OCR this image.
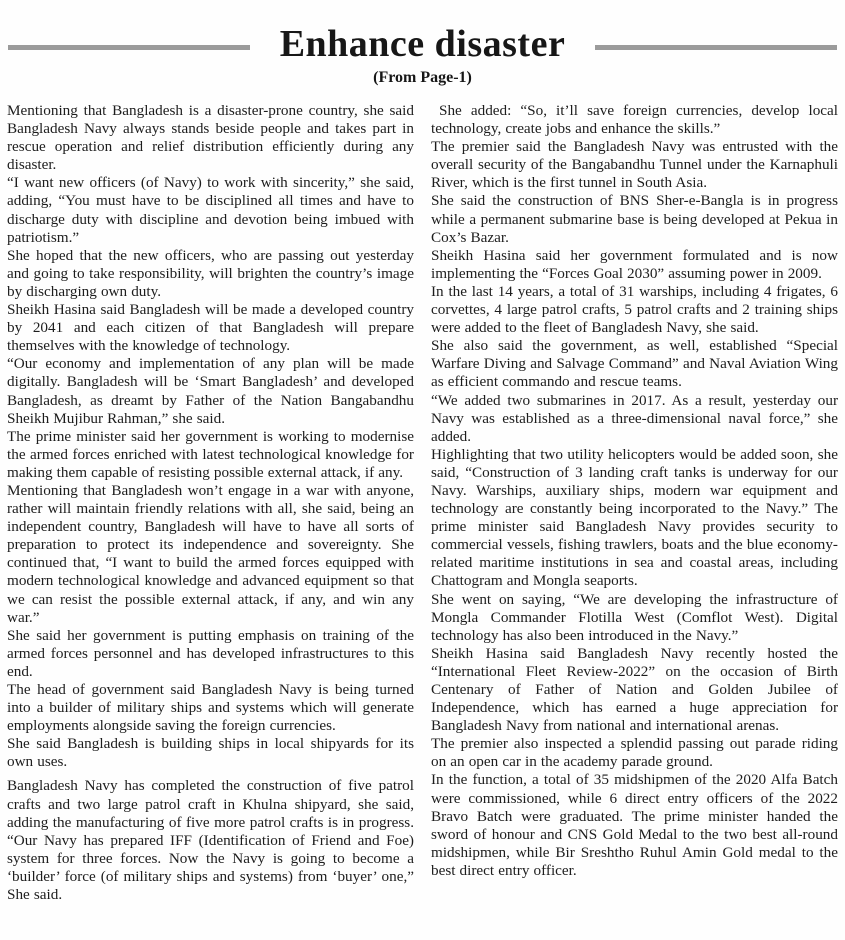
Enhance disaster
(From Page-1)

Mentioning that Bangladesh is a disaster-prone country, she said Bangladesh Navy always stands beside people and takes part in rescue operation and relief distribution efficiently during any disaster.

“I want new officers (of Navy) to work with sincerity,” she said, adding, “You must have to be disciplined all times and have to discharge duty with discipline and devotion being imbued with patriotism.”

She hoped that the new officers, who are passing out yesterday and going to take responsibility, will brighten the country’s image by discharging own duty.

Sheikh Hasina said Bangladesh will be made a developed country by 2041 and each citizen of that Bangladesh will prepare themselves with the knowledge of technology.

“Our economy and implementation of any plan will be made digitally. Bangladesh will be ‘Smart Bangladesh’ and developed Bangladesh, as dreamt by Father of the Nation Bangabandhu Sheikh Mujibur Rahman,” she said.

The prime minister said her government is working to modernise the armed forces enriched with latest technological knowledge for making them capable of resisting possible external attack, if any.

Mentioning that Bangladesh won’t engage in a war with anyone, rather will maintain friendly relations with all, she said, being an independent country, Bangladesh will have to have all sorts of preparation to protect its independence and sovereignty. She continued that, “I want to build the armed forces equipped with modern technological knowledge and advanced equipment so that we can resist the possible external attack, if any, and win any war.”

She said her government is putting emphasis on training of the armed forces personnel and has developed infrastructures to this end.

The head of government said Bangladesh Navy is being turned into a builder of military ships and systems which will generate employments alongside saving the foreign currencies.

She said Bangladesh is building ships in local shipyards for its own uses.

Bangladesh Navy has completed the construction of five patrol crafts and two large patrol craft in Khulna shipyard, she said, adding the manufacturing of five more patrol crafts is in progress. “Our Navy has prepared IFF (Identification of Friend and Foe) system for three forces. Now the Navy is going to become a ‘builder’ force (of military ships and systems) from ‘buyer’ one,” She said.

She added: “So, it’ll save foreign currencies, develop local technology, create jobs and enhance the skills.”

The premier said the Bangladesh Navy was entrusted with the overall security of the Bangabandhu Tunnel under the Karnaphuli River, which is the first tunnel in South Asia.

She said the construction of BNS Sher-e-Bangla is in progress while a permanent submarine base is being developed at Pekua in Cox’s Bazar.

Sheikh Hasina said her government formulated and is now implementing the “Forces Goal 2030” assuming power in 2009.

In the last 14 years, a total of 31 warships, including 4 frigates, 6 corvettes, 4 large patrol crafts, 5 patrol crafts and 2 training ships were added to the fleet of Bangladesh Navy, she said.

She also said the government, as well, established “Special Warfare Diving and Salvage Command” and Naval Aviation Wing as efficient commando and rescue teams.

“We added two submarines in 2017. As a result, yesterday our Navy was established as a three-dimensional naval force,” she added.

Highlighting that two utility helicopters would be added soon, she said, “Construction of 3 landing craft tanks is underway for our Navy. Warships, auxiliary ships, modern war equipment and technology are constantly being incorporated to the Navy.” The prime minister said Bangladesh Navy provides security to commercial vessels, fishing trawlers, boats and the blue economy-related maritime institutions in sea and coastal areas, including Chattogram and Mongla seaports.

She went on saying, “We are developing the infrastructure of Mongla Commander Flotilla West (Comflot West). Digital technology has also been introduced in the Navy.”

Sheikh Hasina said Bangladesh Navy recently hosted the “International Fleet Review-2022” on the occasion of Birth Centenary of Father of Nation and Golden Jubilee of Independence, which has earned a huge appreciation for Bangladesh Navy from national and international arenas.

The premier also inspected a splendid passing out parade riding on an open car in the academy parade ground.

In the function, a total of 35 midshipmen of the 2020 Alfa Batch were commissioned, while 6 direct entry officers of the 2022 Bravo Batch were graduated. The prime minister handed the sword of honour and CNS Gold Medal to the two best all-round midshipmen, while Bir Sreshtho Ruhul Amin Gold medal to the best direct entry officer.
